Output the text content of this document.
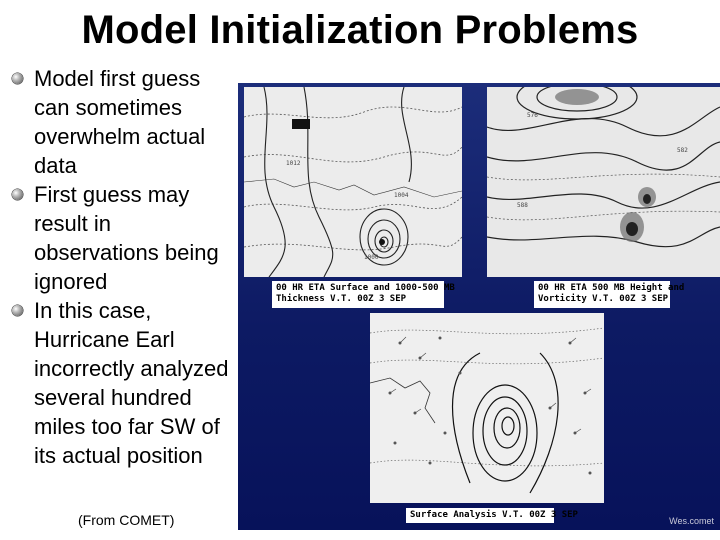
Model Initialization Problems
Model first guess can sometimes overwhelm actual data
First guess may result in observations being ignored
In this case, Hurricane Earl incorrectly analyzed several hundred miles too far SW of its actual position
(From COMET)
1012
1004
1000
576
582
588
00 HR ETA Surface and 1000-500 MB
Thickness V.T. 00Z 3 SEP
00 HR ETA 500 MB Height and
Vorticity V.T. 00Z 3 SEP
Surface Analysis V.T. 00Z 3 SEP
Wes.comet
